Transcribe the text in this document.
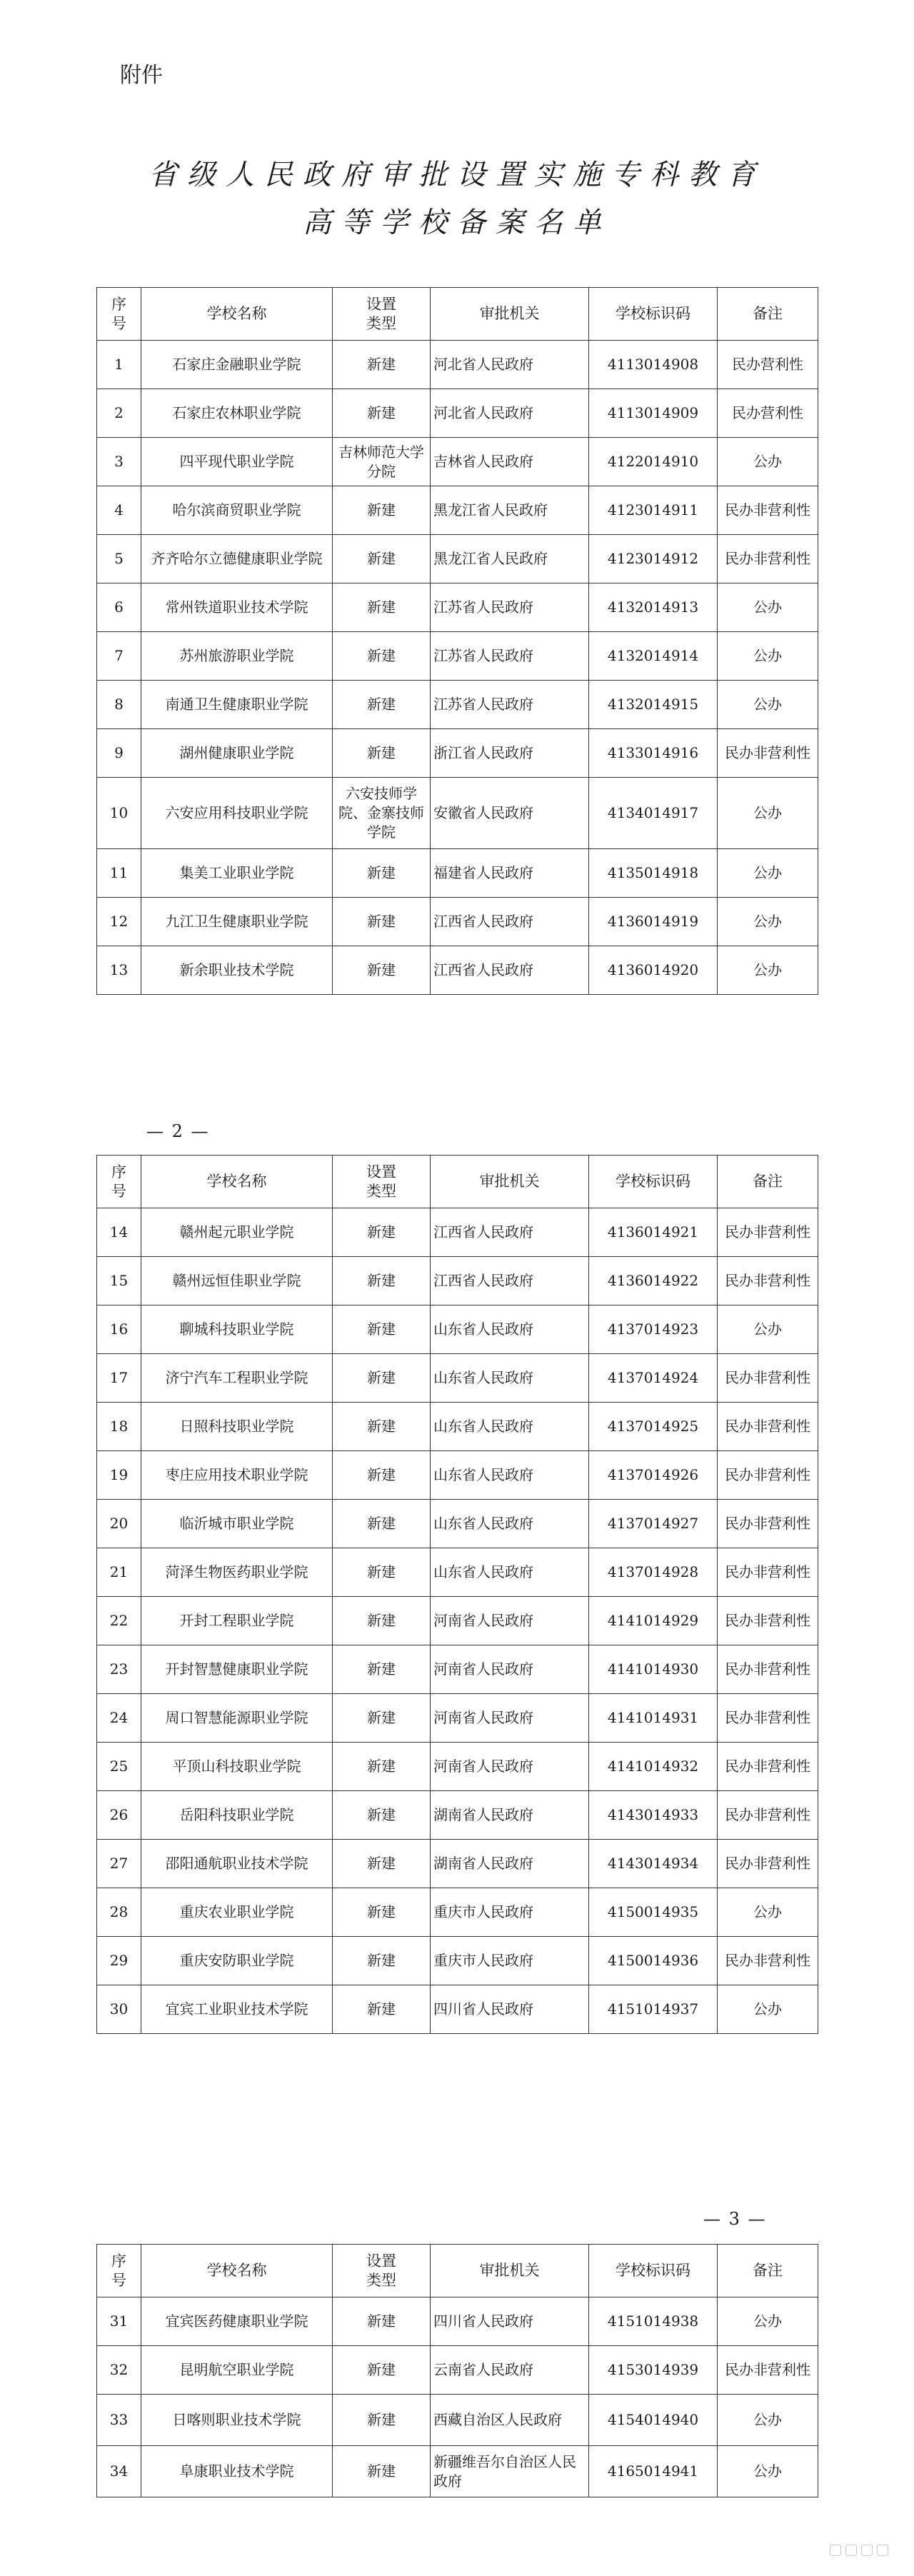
附件
省级人民政府审批设置实施专科教育
高等学校备案名单
序号	学校名称	设置类型	审批机关	学校标识码	备注
1	石家庄金融职业学院	新建	河北省人民政府	4113014908	民办营利性
2	石家庄农林职业学院	新建	河北省人民政府	4113014909	民办营利性
3	四平现代职业学院	吉林师范大学分院	吉林省人民政府	4122014910	公办
4	哈尔滨商贸职业学院	新建	黑龙江省人民政府	4123014911	民办非营利性
5	齐齐哈尔立德健康职业学院	新建	黑龙江省人民政府	4123014912	民办非营利性
6	常州铁道职业技术学院	新建	江苏省人民政府	4132014913	公办
7	苏州旅游职业学院	新建	江苏省人民政府	4132014914	公办
8	南通卫生健康职业学院	新建	江苏省人民政府	4132014915	公办
9	湖州健康职业学院	新建	浙江省人民政府	4133014916	民办非营利性
10	六安应用科技职业学院	六安技师学院、金寨技师学院	安徽省人民政府	4134014917	公办
11	集美工业职业学院	新建	福建省人民政府	4135014918	公办
12	九江卫生健康职业学院	新建	江西省人民政府	4136014919	公办
13	新余职业技术学院	新建	江西省人民政府	4136014920	公办
— 2 —
序号	学校名称	设置类型	审批机关	学校标识码	备注
14	赣州起元职业学院	新建	江西省人民政府	4136014921	民办非营利性
15	赣州远恒佳职业学院	新建	江西省人民政府	4136014922	民办非营利性
16	聊城科技职业学院	新建	山东省人民政府	4137014923	公办
17	济宁汽车工程职业学院	新建	山东省人民政府	4137014924	民办非营利性
18	日照科技职业学院	新建	山东省人民政府	4137014925	民办非营利性
19	枣庄应用技术职业学院	新建	山东省人民政府	4137014926	民办非营利性
20	临沂城市职业学院	新建	山东省人民政府	4137014927	民办非营利性
21	菏泽生物医药职业学院	新建	山东省人民政府	4137014928	民办非营利性
22	开封工程职业学院	新建	河南省人民政府	4141014929	民办非营利性
23	开封智慧健康职业学院	新建	河南省人民政府	4141014930	民办非营利性
24	周口智慧能源职业学院	新建	河南省人民政府	4141014931	民办非营利性
25	平顶山科技职业学院	新建	河南省人民政府	4141014932	民办非营利性
26	岳阳科技职业学院	新建	湖南省人民政府	4143014933	民办非营利性
27	邵阳通航职业技术学院	新建	湖南省人民政府	4143014934	民办非营利性
28	重庆农业职业学院	新建	重庆市人民政府	4150014935	公办
29	重庆安防职业学院	新建	重庆市人民政府	4150014936	民办非营利性
30	宜宾工业职业技术学院	新建	四川省人民政府	4151014937	公办
— 3 —
序号	学校名称	设置类型	审批机关	学校标识码	备注
31	宜宾医药健康职业学院	新建	四川省人民政府	4151014938	公办
32	昆明航空职业学院	新建	云南省人民政府	4153014939	民办非营利性
33	日喀则职业技术学院	新建	西藏自治区人民政府	4154014940	公办
34	阜康职业技术学院	新建	新疆维吾尔自治区人民政府	4165014941	公办
